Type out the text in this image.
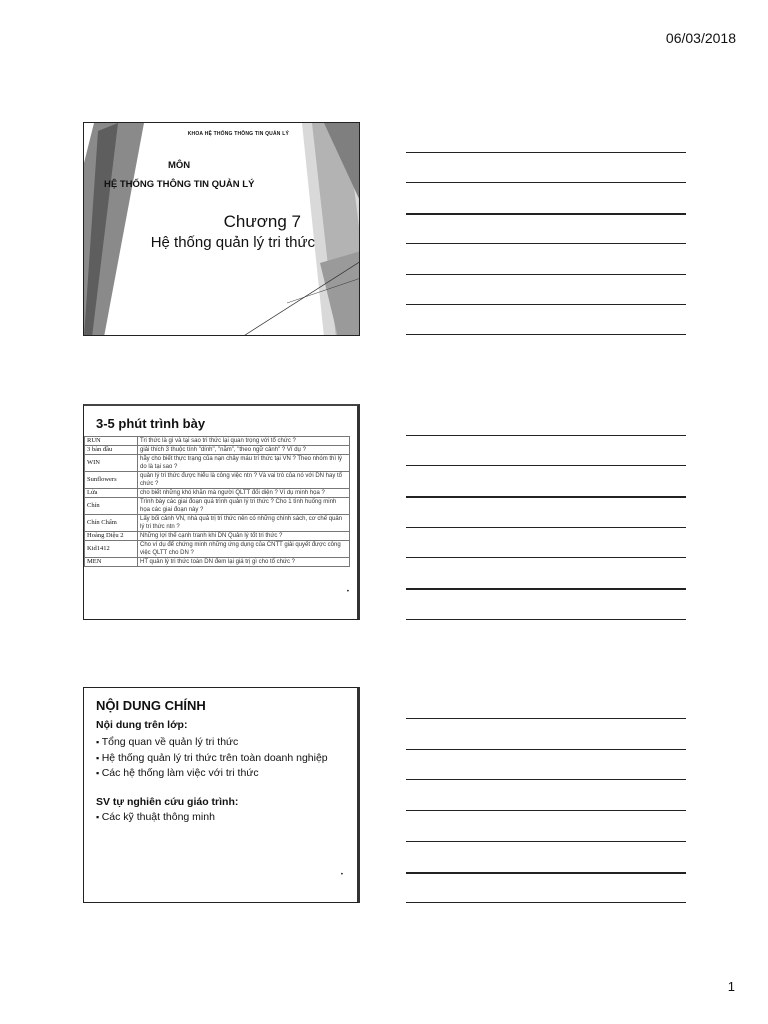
06/03/2018
KHOA HỆ THỐNG THÔNG TIN QUẢN LÝ
MÔN
HỆ THỐNG THÔNG TIN QUẢN LÝ
Chương 7
Hệ thống quản lý tri thức
3-5 phút trình bày
RUN	Tri thức là gì và tại sao tri thức lại quan trọng với tổ chức ?
3 bàn đầu	giải thích 3 thuộc tính "dính", "nằm", "theo ngữ cảnh" ? Ví dụ ?
WIN	hãy cho biết thực trạng của nạn chảy máu trí thức tại VN ? Theo nhóm thì lý do là tại sao ?
Sunflowers	quản lý tri thức được hiểu là công việc ntn ? Và vai trò của nó với DN hay tổ chức ?
Lửa	cho biết những khó khăn mà người QLTT đối diện ? Ví dụ minh họa ?
Chín	Trình bày các giai đoạn quá trình quản lý tri thức ? Cho 1 tình huống minh họa các giai đoạn này ?
Chín Chấm	Lấy bối cảnh VN, nhà quả trị tri thức nên có những chính sách, cơ chế quản lý tri thức ntn ?
Hoàng Diệu 2	Những lợi thế cạnh tranh khi DN Quản lý tốt tri thức ?
Kid1412	Cho ví dụ để chứng minh những ứng dụng của CNTT giải quyết được công việc QLTT cho DN ?
MEN	HT quản lý tri thức toàn DN đem lại giá trị gì cho tổ chức ?
•
NỘI DUNG CHÍNH
Nội dung trên lớp:
▪ Tổng quan về quản lý tri thức
▪ Hệ thống quản lý tri thức trên toàn doanh nghiệp
▪ Các hệ thống làm việc với tri thức
SV tự nghiên cứu giáo trình:
▪ Các kỹ thuật thông minh
•
1
